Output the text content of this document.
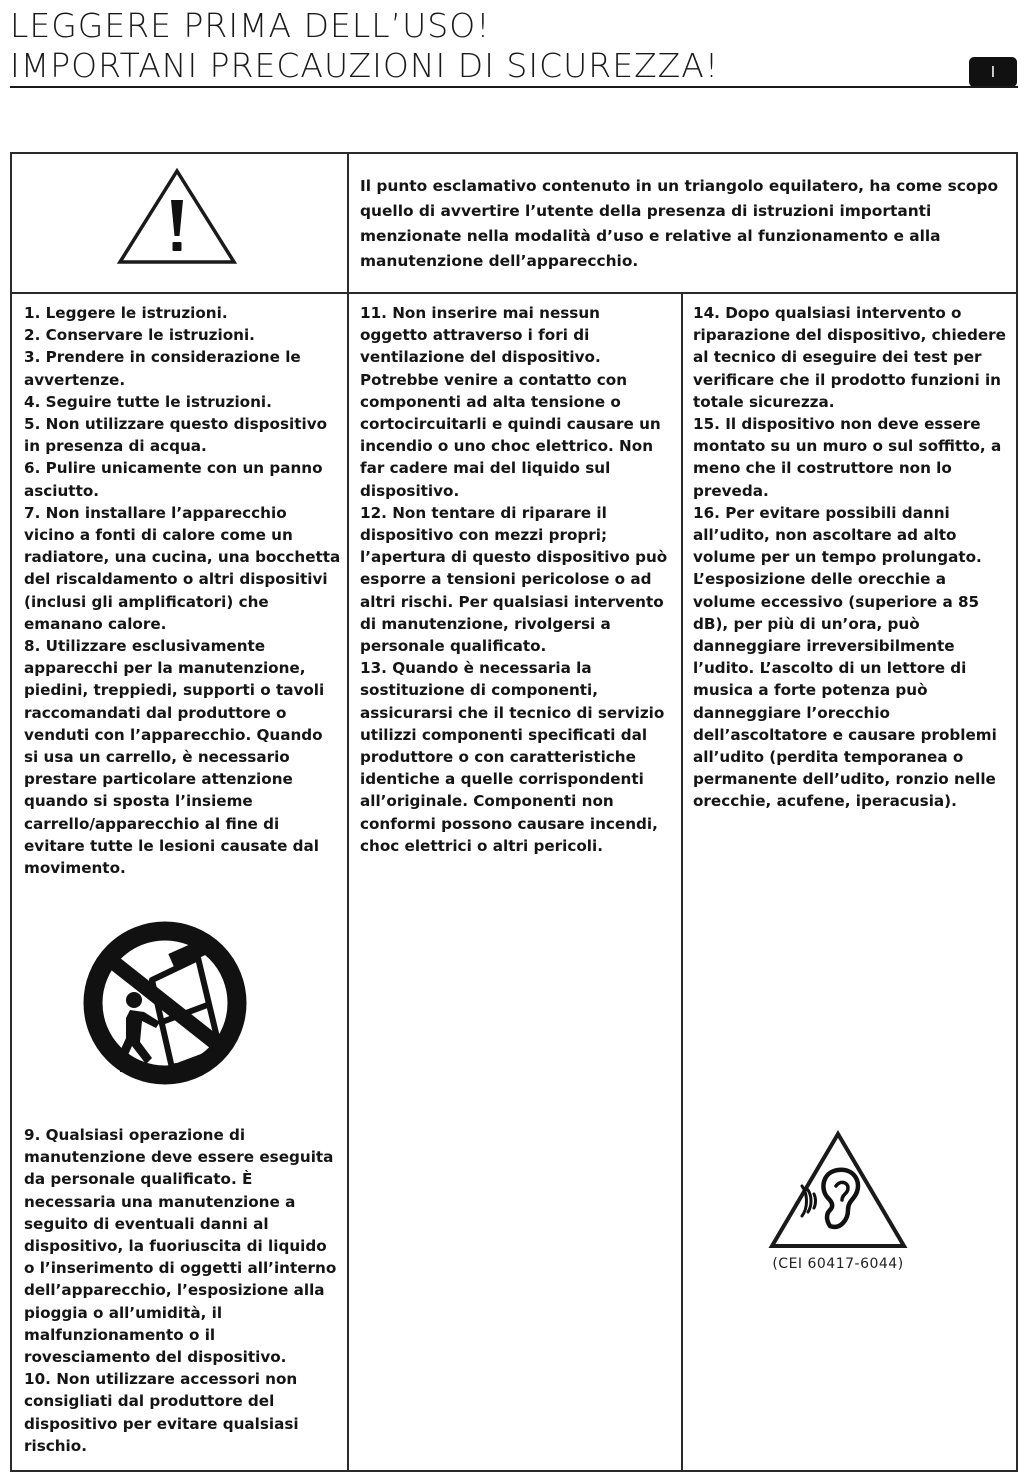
LEGGERE PRIMA DELL’USO!
IMPORTANI PRECAUZIONI DI SICUREZZA!	I
Il punto esclamativo contenuto in un triangolo equilatero, ha come scopo quello di avvertire l’utente della presenza di istruzioni importanti menzionate nella modalità d’uso e relative al funzionamento e alla manutenzione dell’apparecchio.

1. Leggere le istruzioni.

2. Conservare le istruzioni.

3. Prendere in considerazione le avvertenze.

4. Seguire tutte le istruzioni.

5. Non utilizzare questo dispositivo in presenza di acqua.

6. Pulire unicamente con un panno asciutto.

7. Non installare l’apparecchio vicino a fonti di calore come un radiatore, una cucina, una bocchetta del riscaldamento o altri dispositivi (inclusi gli amplificatori) che emanano calore.

8. Utilizzare esclusivamente apparecchi per la manutenzione, piedini, treppiedi, supporti o tavoli raccomandati dal produttore o venduti con l’apparecchio. Quando si usa un carrello, è necessario prestare particolare attenzione quando si sposta l’insieme carrello/apparecchio al fine di evitare tutte le lesioni causate dal movimento.

9. Qualsiasi operazione di manutenzione deve essere eseguita da personale qualificato. È necessaria una manutenzione a seguito di eventuali danni al dispositivo, la fuoriuscita di liquido o l’inserimento di oggetti all’interno dell’apparecchio, l’esposizione alla pioggia o all’umidità, il malfunzionamento o il rovesciamento del dispositivo.

10. Non utilizzare accessori non consigliati dal produttore del dispositivo per evitare qualsiasi rischio.

11. Non inserire mai nessun oggetto attraverso i fori di ventilazione del dispositivo. Potrebbe venire a contatto con componenti ad alta tensione o cortocircuitarli e quindi causare un incendio o uno choc elettrico. Non far cadere mai del liquido sul dispositivo.

12. Non tentare di riparare il dispositivo con mezzi propri; l’apertura di questo dispositivo può esporre a tensioni pericolose o ad altri rischi. Per qualsiasi intervento di manutenzione, rivolgersi a personale qualificato.

13. Quando è necessaria la sostituzione di componenti, assicurarsi che il tecnico di servizio utilizzi componenti specificati dal produttore o con caratteristiche identiche a quelle corrispondenti all’originale. Componenti non conformi possono causare incendi, choc elettrici o altri pericoli.

14. Dopo qualsiasi intervento o riparazione del dispositivo, chiedere al tecnico di eseguire dei test per verificare che il prodotto funzioni in totale sicurezza.

15. Il dispositivo non deve essere montato su un muro o sul soffitto, a meno che il costruttore non lo preveda.

16. Per evitare possibili danni all’udito, non ascoltare ad alto volume per un tempo prolungato. L’esposizione delle orecchie a volume eccessivo (superiore a 85 dB), per più di un’ora, può danneggiare irreversibilmente l’udito. L’ascolto di un lettore di musica a forte potenza può danneggiare l’orecchio dell’ascoltatore e causare problemi all’udito (perdita temporanea o permanente dell’udito, ronzio nelle orecchie, acufene, iperacusia).

(CEI 60417-6044)
